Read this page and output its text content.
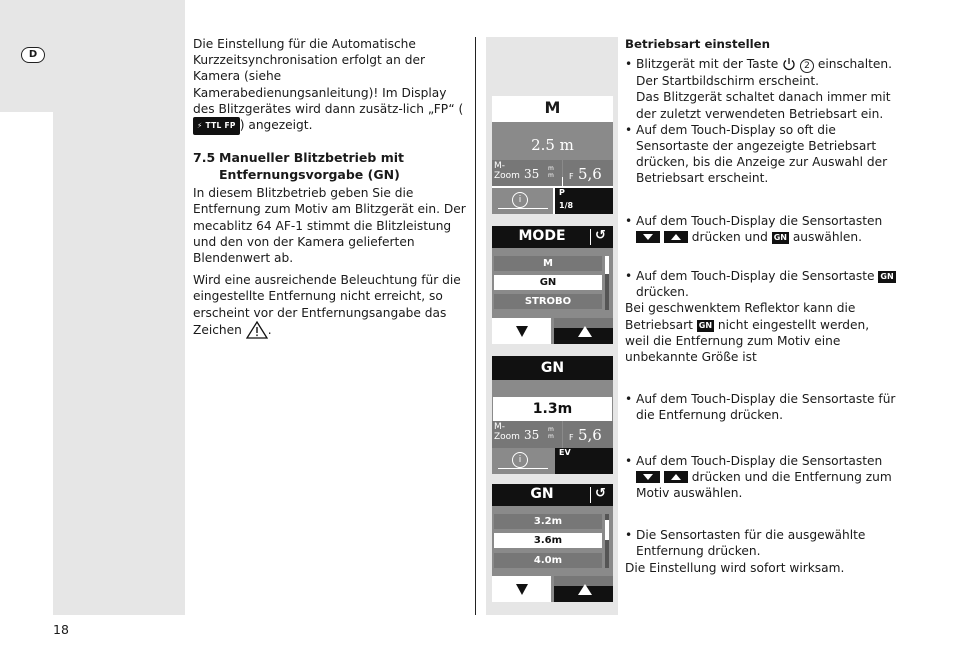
D
18

Die Einstellung für die Automatische Kurzzeitsynchronisation erfolgt an der Kamera (siehe Kamerabedienungsanleitung)! Im Display des Blitzgerätes wird dann zusätz-lich „FP“ (⚡ TTL FP ) angezeigt.

7.5 Manueller Blitzbetrieb mit
Entfernungsvorgabe (GN)

In diesem Blitzbetrieb geben Sie die Entfernung zum Motiv am Blitzgerät ein. Der mecablitz 64 AF-1 stimmt die Blitzleistung und den von der Kamera gelieferten Blendenwert ab.

Wird eine ausreichende Beleuchtung für die eingestellte Entfernung nicht erreicht, so erscheint vor der Entfernungsangabe das Zeichen .

M
2.5 m
M-
Zoom 35 m
m F 5,6
i
P
1/8
MODE	↺
M
GN
STROBO
GN
1.3m
M-
Zoom 35 m
m F 5,6
i
EV
GN	↺
3.2m
3.6m
4.0m
Betriebsart einstellen
• Blitzgerät mit der Taste	2 einschalten.
Der Startbildschirm erscheint.
Das Blitzgerät schaltet danach immer mit der zuletzt verwendeten Betriebsart ein.
• Auf dem Touch-Display so oft die Sensortaste der angezeigte Betriebsart drücken, bis die Anzeige zur Auswahl der Betriebsart erscheint.
• Auf dem Touch-Display die Sensortasten
drücken und GN auswählen.
• Auf dem Touch-Display die Sensortaste GN
drücken.
Bei geschwenktem Reflektor kann die Betriebsart GN nicht eingestellt werden, weil die Entfernung zum Motiv eine unbekannte Größe ist
• Auf dem Touch-Display die Sensortaste für die Entfernung drücken.
• Auf dem Touch-Display die Sensortasten
drücken und die Entfernung zum Motiv auswählen.
• Die Sensortasten für die ausgewählte Entfernung drücken.
Die Einstellung wird sofort wirksam.
